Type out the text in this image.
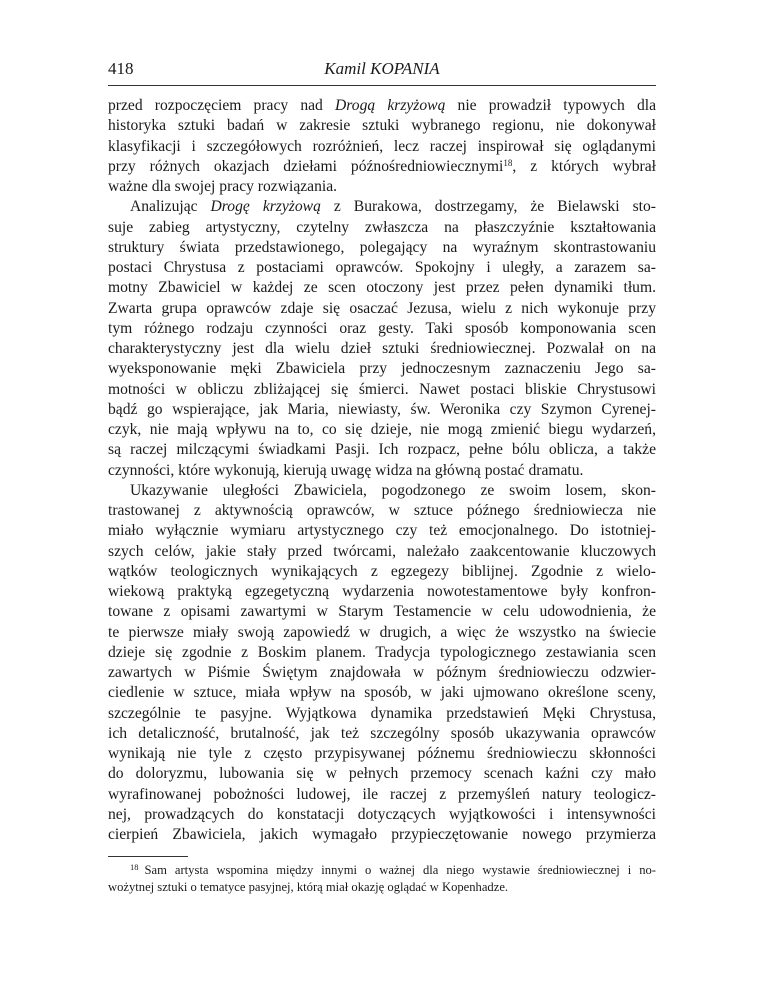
418	Kamil KOPANIA
przed rozpoczęciem pracy nad Drogą krzyżową nie prowadził typowych dla
historyka sztuki badań w zakresie sztuki wybranego regionu, nie dokonywał
klasyfikacji i szczegółowych rozróżnień, lecz raczej inspirował się oglądanymi
przy różnych okazjach dziełami późnośredniowiecznymi$^{18}$, z których wybrał
ważne dla swojej pracy rozwiązania.
Analizując Drogę krzyżową z Burakowa, dostrzegamy, że Bielawski sto-
suje zabieg artystyczny, czytelny zwłaszcza na płaszczyźnie kształtowania
struktury świata przedstawionego, polegający na wyraźnym skontrastowaniu
postaci Chrystusa z postaciami oprawców. Spokojny i uległy, a zarazem sa-
motny Zbawiciel w każdej ze scen otoczony jest przez pełen dynamiki tłum.
Zwarta grupa oprawców zdaje się osaczać Jezusa, wielu z nich wykonuje przy
tym różnego rodzaju czynności oraz gesty. Taki sposób komponowania scen
charakterystyczny jest dla wielu dzieł sztuki średniowiecznej. Pozwalał on na
wyeksponowanie męki Zbawiciela przy jednoczesnym zaznaczeniu Jego sa-
motności w obliczu zbliżającej się śmierci. Nawet postaci bliskie Chrystusowi
bądź go wspierające, jak Maria, niewiasty, św. Weronika czy Szymon Cyrenej-
czyk, nie mają wpływu na to, co się dzieje, nie mogą zmienić biegu wydarzeń,
są raczej milczącymi świadkami Pasji. Ich rozpacz, pełne bólu oblicza, a także
czynności, które wykonują, kierują uwagę widza na główną postać dramatu.
Ukazywanie uległości Zbawiciela, pogodzonego ze swoim losem, skon-
trastowanej z aktywnością oprawców, w sztuce późnego średniowiecza nie
miało wyłącznie wymiaru artystycznego czy też emocjonalnego. Do istotniej-
szych celów, jakie stały przed twórcami, należało zaakcentowanie kluczowych
wątków teologicznych wynikających z egzegezy biblijnej. Zgodnie z wielo-
wiekową praktyką egzegetyczną wydarzenia nowotestamentowe były konfron-
towane z opisami zawartymi w Starym Testamencie w celu udowodnienia, że
te pierwsze miały swoją zapowiedź w drugich, a więc że wszystko na świecie
dzieje się zgodnie z Boskim planem. Tradycja typologicznego zestawiania scen
zawartych w Piśmie Świętym znajdowała w późnym średniowieczu odzwier-
ciedlenie w sztuce, miała wpływ na sposób, w jaki ujmowano określone sceny,
szczególnie te pasyjne. Wyjątkowa dynamika przedstawień Męki Chrystusa,
ich detaliczność, brutalność, jak też szczególny sposób ukazywania oprawców
wynikają nie tyle z często przypisywanej późnemu średniowieczu skłonności
do doloryzmu, lubowania się w pełnych przemocy scenach kaźni czy mało
wyrafinowanej pobożności ludowej, ile raczej z przemyśleń natury teologicz-
nej, prowadzących do konstatacji dotyczących wyjątkowości i intensywności
cierpień Zbawiciela, jakich wymagało przypieczętowanie nowego przymierza
$^{18}$ Sam artysta wspomina między innymi o ważnej dla niego wystawie średniowiecznej i no-
wożytnej sztuki o tematyce pasyjnej, którą miał okazję oglądać w Kopenhadze.
